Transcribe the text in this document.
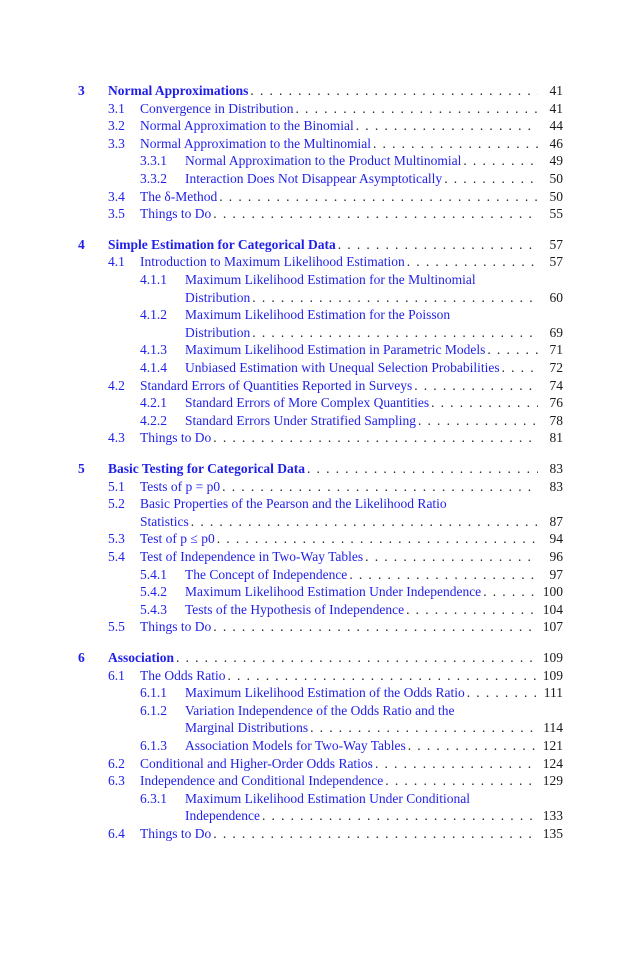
3 Normal Approximations . . .	41
3.1 Convergence in Distribution . . .	41
3.2 Normal Approximation to the Binomial . . .	44
3.3 Normal Approximation to the Multinomial . . .	46
3.3.1 Normal Approximation to the Product Multinomial . . .	49
3.3.2 Interaction Does Not Disappear Asymptotically . . .	50
3.4 The δ-Method . . .	50
3.5 Things to Do . . .	55
4 Simple Estimation for Categorical Data . . .	57
4.1 Introduction to Maximum Likelihood Estimation . . .	57
4.1.1 Maximum Likelihood Estimation for the Multinomial
Distribution . . .	60
4.1.2 Maximum Likelihood Estimation for the Poisson
Distribution . . .	69
4.1.3 Maximum Likelihood Estimation in Parametric Models . . .	71
4.1.4 Unbiased Estimation with Unequal Selection Probabilities . . .	72
4.2 Standard Errors of Quantities Reported in Surveys . . .	74
4.2.1 Standard Errors of More Complex Quantities . . .	76
4.2.2 Standard Errors Under Stratified Sampling . . .	78
4.3 Things to Do . . .	81
5 Basic Testing for Categorical Data . . .	83
5.1 Tests of p = p0 . . .	83
5.2 Basic Properties of the Pearson and the Likelihood Ratio
Statistics . . .	87
5.3 Test of p ≤ p0 . . .	94
5.4 Test of Independence in Two-Way Tables . . .	96
5.4.1 The Concept of Independence . . .	97
5.4.2 Maximum Likelihood Estimation Under Independence . . .	100
5.4.3 Tests of the Hypothesis of Independence . . .	104
5.5 Things to Do . . .	107
6 Association . . .	109
6.1 The Odds Ratio . . .	109
6.1.1 Maximum Likelihood Estimation of the Odds Ratio . . .	111
6.1.2 Variation Independence of the Odds Ratio and the
Marginal Distributions . . .	114
6.1.3 Association Models for Two-Way Tables . . .	121
6.2 Conditional and Higher-Order Odds Ratios . . .	124
6.3 Independence and Conditional Independence . . .	129
6.3.1 Maximum Likelihood Estimation Under Conditional
Independence . . .	133
6.4 Things to Do . . .	135
